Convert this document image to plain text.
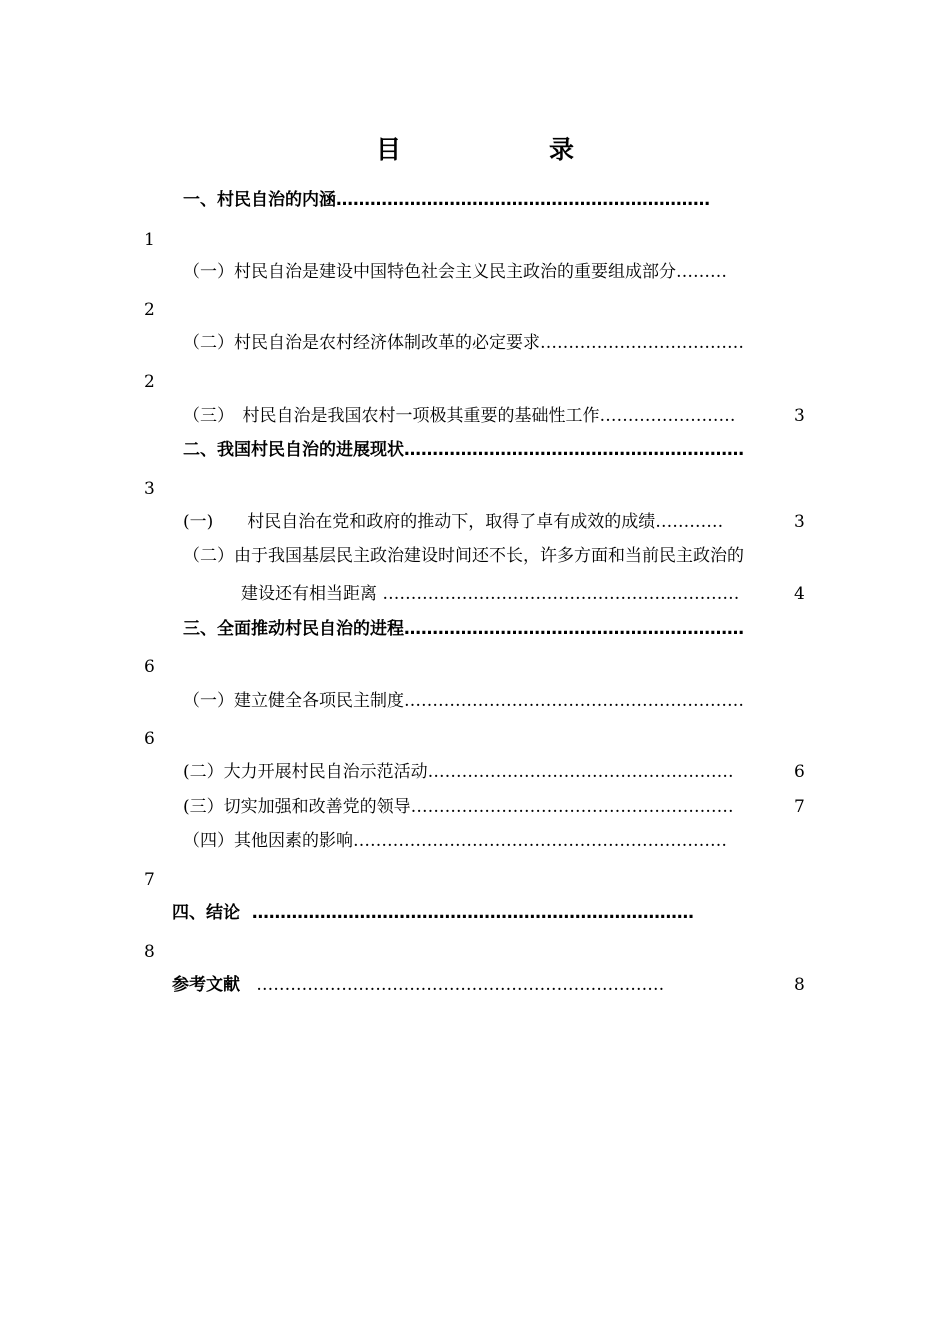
目	录
一、村民自治的内涵…………………………………………………………
1
（一）村民自治是建设中国特色社会主义民主政治的重要组成部分………
2
（二）村民自治是农村经济体制改革的必定要求………………………………
2
（三）　村民自治是我国农村一项极其重要的基础性工作……………………	3
二、我国村民自治的进展现状……………………………………………………
3
(一)　　村民自治在党和政府的推动下，取得了卓有成效的成绩…………	3
（二）由于我国基层民主政治建设时间还不长，许多方面和当前民主政治的
建设还有相当距离 ………………………………………………………	4
三、全面推动村民自治的进程……………………………………………………
6
（一）建立健全各项民主制度……………………………………………………
6
(二）大力开展村民自治示范活动………………………………………………	6
(三）切实加强和改善党的领导…………………………………………………	7
（四）其他因素的影响…………………………………………………………
7
四、结论 ……………………………………………………………………
8
参考文献 ………………………………………………………………	8
